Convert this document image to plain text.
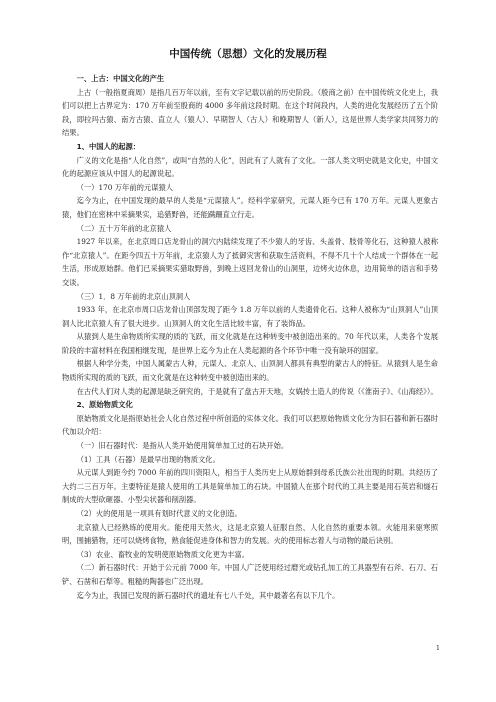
中国传统（思想）文化的发展历程

一、上古：中国文化的产生

上古（一般指夏商周）是指几百万年以前，至有文字记载以前的历史阶段。（殷商之前）在中国传统文化史上，我们可以把上古界定为：170 万年前至殷商的 4000 多年前这段时期。在这个时间段内，人类的进化发展经历了五个阶段，即拉玛古猿、南方古猿、直立人（猿人）、早期智人（古人）和晚期智人（新人），这是世界人类学家共同努力的结果。

1、中国人的起源：

广义的文化是指“人化自然”，或叫“自然的人化”，因此有了人就有了文化。一部人类文明史就是文化史，中国文化的起源应该从中国人的起源说起。

（一）170 万年前的元谋猿人

迄今为止，在中国发现的最早的人类是“元谋猿人”。经科学家研究，元谋人距今已有 170 万年。元谋人更象古猿，他们在密林中采摘果实，追猎野兽，还能蹒跚直立行走。

（二）五十万年前的北京猿人

1927 年以来，在北京周口店龙骨山的洞穴内陆续发现了不少猿人的牙齿、头盖骨、肢骨等化石，这种猿人被称作“北京猿人”。在距今四五十万年前，北京猿人为了抵御灾害和获取生活资料，不得不几十个人结成一个群体在一起生活，形成原始群。他们已采摘果实猎取野兽，到晚上返回龙骨山的山洞里，边烤火边休息，边用简单的语言和手势交谈。

（三）1．8 万年前的北京山顶洞人

1933 年，在北京市周口店龙骨山顶部发现了距今 1.8 万年以前的人类遗骨化石。这种人被称为“山顶洞人”山顶洞人比北京猿人有了很大进步。山顶洞人的文化生活比较丰富，有了装饰品。

从猿到人是生命物质所实现的质的飞跃，而文化就是在这种转变中被创造出来的。70 年代以来，人类各个发展阶段的丰富材料在我国相继发现，是世界上迄今为止在人类起源的各个环节中唯一没有缺环的国家。

根据人种学分类，中国人属蒙古人种，元谋人、北京人、山顶洞人都具有典型的蒙古人的特征。从猿到人是生命物质所实现的质的飞跃，而文化就是在这种转变中被创造出来的。

在古代人们对人类的起源是缺乏研究的，于是就有了盘古开天地，女娲抟土造人的传说（《淮南子》、《山海经》）。

2、原始物质文化

原始物质文化是指原始社会人化自然过程中所创造的实体文化。我们可以把原始物质文化分为旧石器和新石器时代加以介绍：

（一）旧石器时代：是指从人类开始使用简单加工过的石块开始。

（1）工具（石器）是最早出现的物质文化。

从元谋人到距今约 7000 年前的四川资阳人，相当于人类历史上从原始群到母系氏族公社出现的时期。共经历了大约二三百万年。主要特征是猿人使用的工具是简单加工的石块。中国猿人在那个时代的工具主要是用石英岩和燧石制成的大型砍砸器、小型尖状器和削刮器。

（2）火的使用是一项具有划时代意义的文化创造。

北京猿人已经熟练的使用火。能使用天然火，这是北京猿人征服自然、人化自然的重要本领。火能用来驱寒照明，围捕猎物，还可以烧烤食物，熟食能促进身体和智力的发展。火的使用标志着人与动物的最后诀别。

（3）农业、畜牧业的发明使原始物质文化更为丰富。

（二）新石器时代：开始于公元前 7000 年。中国人广泛使用经过磨光或钻孔加工的工具器型有石斧、石刀、石铲、石凿和石犁等。粗糙的陶器也广泛出现。

迄今为止，我国已发现的新石器时代的遗址有七八千处，其中最著名有以下几个。

1
